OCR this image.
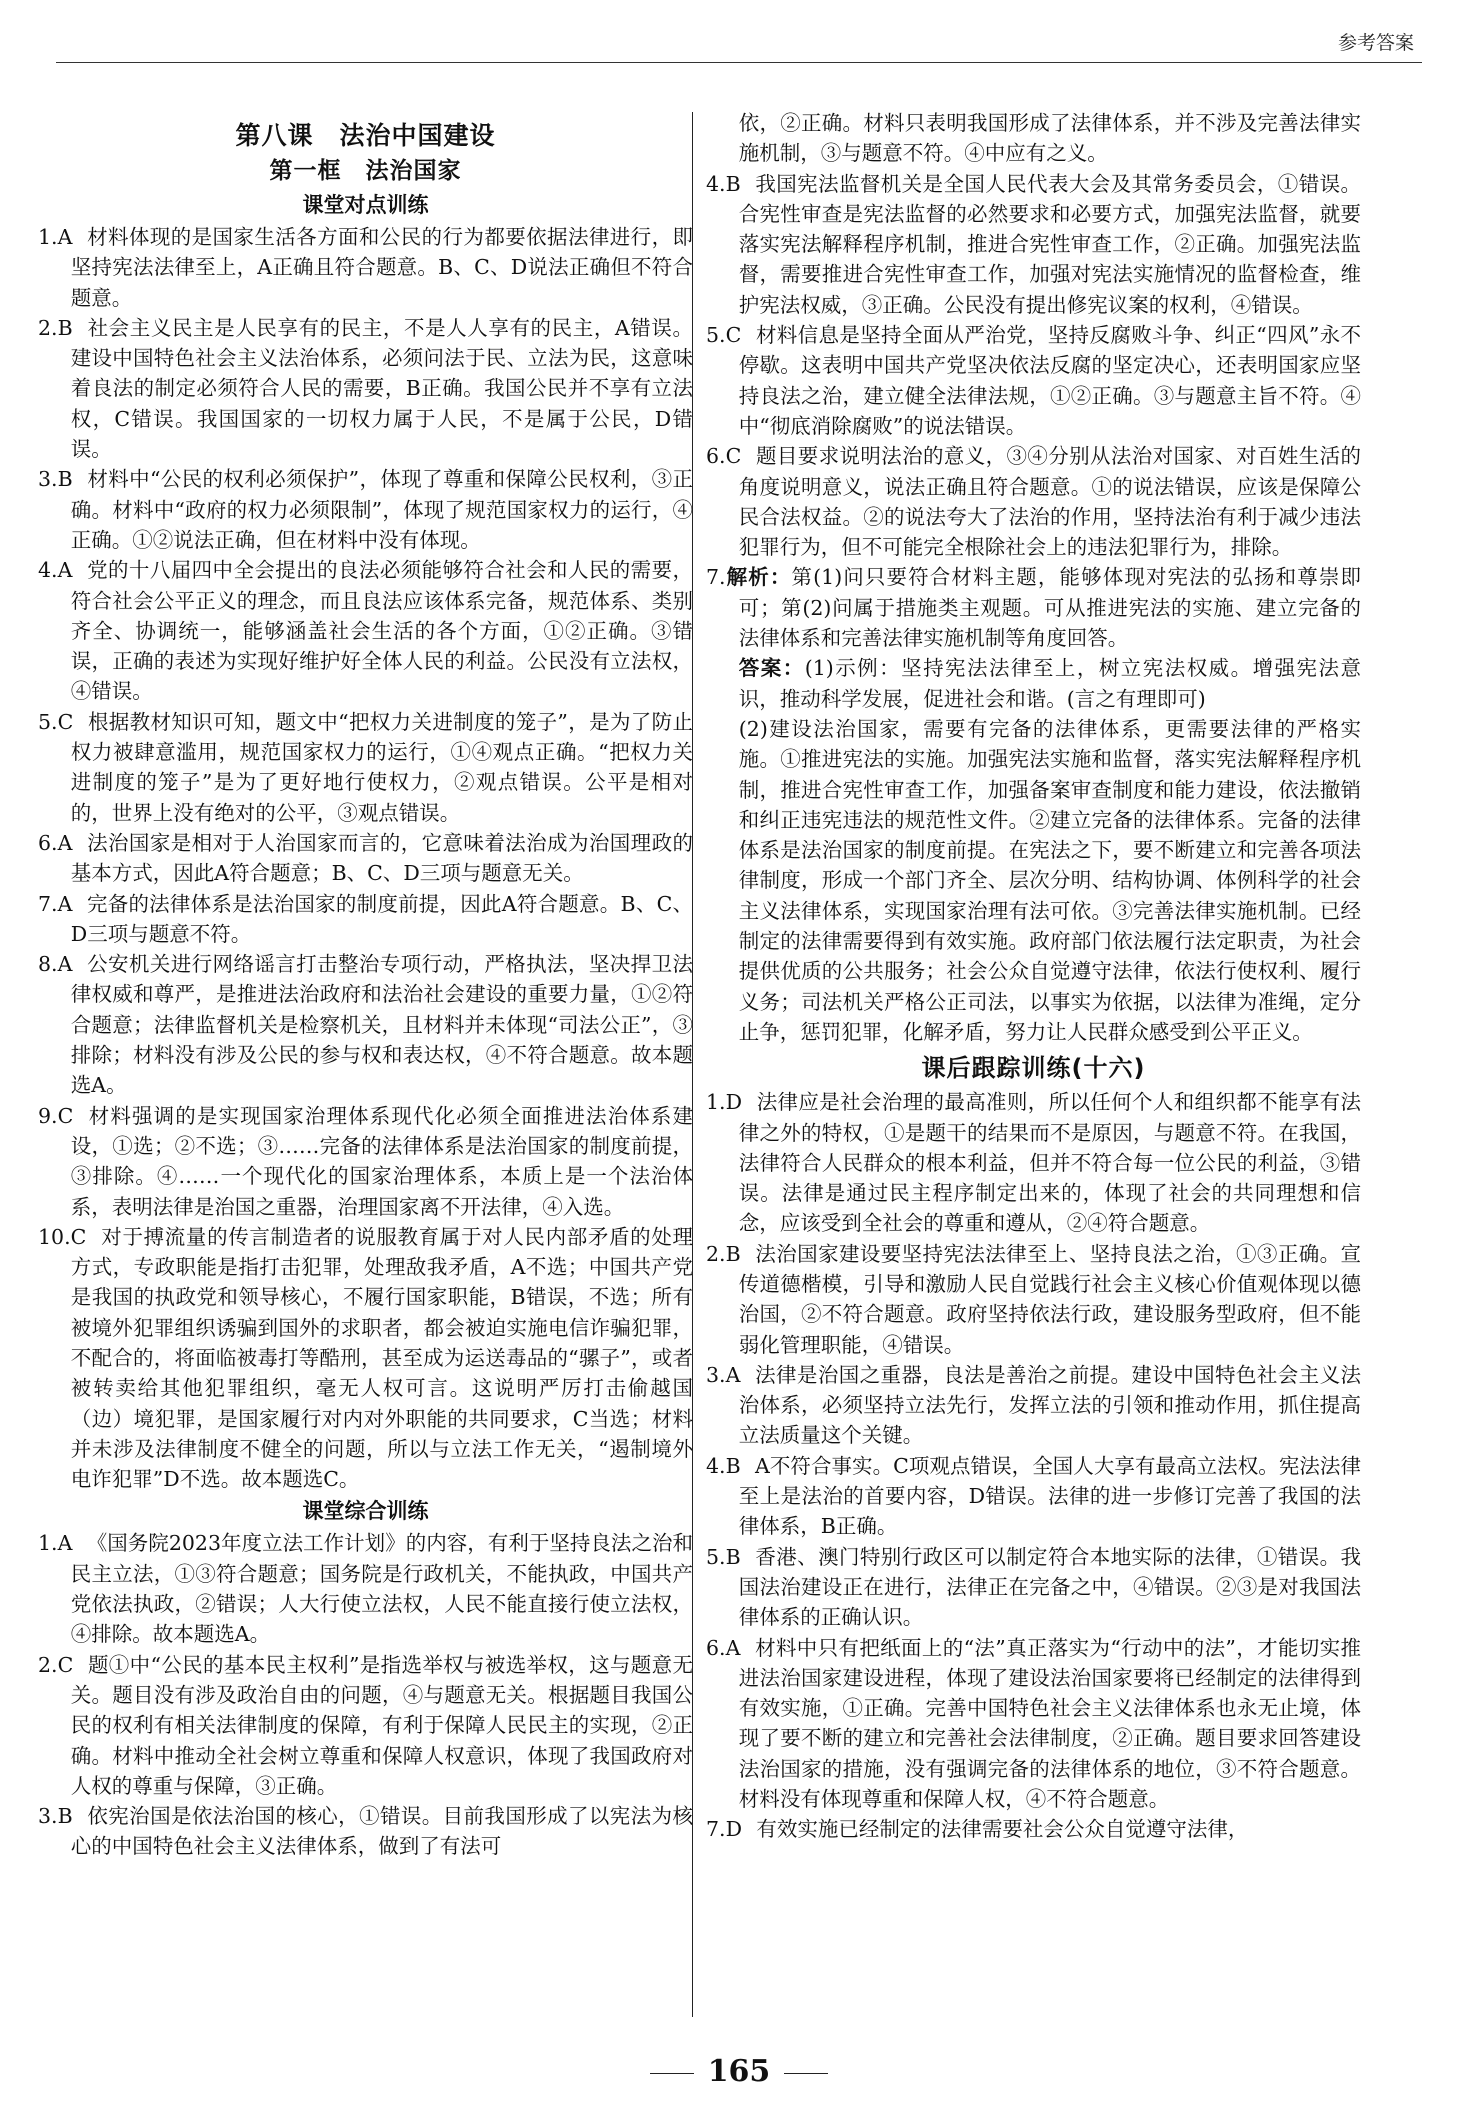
参考答案

第八课　法治中国建设

第一框　法治国家

课堂对点训练

1.A 材料体现的是国家生活各方面和公民的行为都要依据法律进行，即坚持宪法法律至上，A正确且符合题意。B、C、D说法正确但不符合题意。

2.B 社会主义民主是人民享有的民主，不是人人享有的民主，A错误。建设中国特色社会主义法治体系，必须问法于民、立法为民，这意味着良法的制定必须符合人民的需要，B正确。我国公民并不享有立法权，C错误。我国国家的一切权力属于人民，不是属于公民，D错误。

3.B 材料中“公民的权利必须保护”，体现了尊重和保障公民权利，③正确。材料中“政府的权力必须限制”，体现了规范国家权力的运行，④正确。①②说法正确，但在材料中没有体现。

4.A 党的十八届四中全会提出的良法必须能够符合社会和人民的需要，符合社会公平正义的理念，而且良法应该体系完备，规范体系、类别齐全、协调统一，能够涵盖社会生活的各个方面，①②正确。③错误，正确的表述为实现好维护好全体人民的利益。公民没有立法权，④错误。

5.C 根据教材知识可知，题文中“把权力关进制度的笼子”，是为了防止权力被肆意滥用，规范国家权力的运行，①④观点正确。“把权力关进制度的笼子”是为了更好地行使权力，②观点错误。公平是相对的，世界上没有绝对的公平，③观点错误。

6.A 法治国家是相对于人治国家而言的，它意味着法治成为治国理政的基本方式，因此A符合题意；B、C、D三项与题意无关。

7.A 完备的法律体系是法治国家的制度前提，因此A符合题意。B、C、D三项与题意不符。

8.A 公安机关进行网络谣言打击整治专项行动，严格执法，坚决捍卫法律权威和尊严，是推进法治政府和法治社会建设的重要力量，①②符合题意；法律监督机关是检察机关，且材料并未体现“司法公正”，③排除；材料没有涉及公民的参与权和表达权，④不符合题意。故本题选A。

9.C 材料强调的是实现国家治理体系现代化必须全面推进法治体系建设，①选；②不选；③……完备的法律体系是法治国家的制度前提，③排除。④……一个现代化的国家治理体系，本质上是一个法治体系，表明法律是治国之重器，治理国家离不开法律，④入选。

10.C 对于搏流量的传言制造者的说服教育属于对人民内部矛盾的处理方式，专政职能是指打击犯罪，处理敌我矛盾，A不选；中国共产党是我国的执政党和领导核心，不履行国家职能，B错误，不选；所有被境外犯罪组织诱骗到国外的求职者，都会被迫实施电信诈骗犯罪，不配合的，将面临被毒打等酷刑，甚至成为运送毒品的“骡子”，或者被转卖给其他犯罪组织，毫无人权可言。这说明严厉打击偷越国（边）境犯罪，是国家履行对内对外职能的共同要求，C当选；材料并未涉及法律制度不健全的问题，所以与立法工作无关，“遏制境外电诈犯罪”D不选。故本题选C。

课堂综合训练

1.A 《国务院2023年度立法工作计划》的内容，有利于坚持良法之治和民主立法，①③符合题意；国务院是行政机关，不能执政，中国共产党依法执政，②错误；人大行使立法权，人民不能直接行使立法权，④排除。故本题选A。

2.C 题①中“公民的基本民主权利”是指选举权与被选举权，这与题意无关。题目没有涉及政治自由的问题，④与题意无关。根据题目我国公民的权利有相关法律制度的保障，有利于保障人民民主的实现，②正确。材料中推动全社会树立尊重和保障人权意识，体现了我国政府对人权的尊重与保障，③正确。

3.B 依宪治国是依法治国的核心，①错误。目前我国形成了以宪法为核心的中国特色社会主义法律体系，做到了有法可

依，②正确。材料只表明我国形成了法律体系，并不涉及完善法律实施机制，③与题意不符。④中应有之义。

4.B 我国宪法监督机关是全国人民代表大会及其常务委员会，①错误。合宪性审查是宪法监督的必然要求和必要方式，加强宪法监督，就要落实宪法解释程序机制，推进合宪性审查工作，②正确。加强宪法监督，需要推进合宪性审查工作，加强对宪法实施情况的监督检查，维护宪法权威，③正确。公民没有提出修宪议案的权利，④错误。

5.C 材料信息是坚持全面从严治党，坚持反腐败斗争、纠正“四风”永不停歇。这表明中国共产党坚决依法反腐的坚定决心，还表明国家应坚持良法之治，建立健全法律法规，①②正确。③与题意主旨不符。④中“彻底消除腐败”的说法错误。

6.C 题目要求说明法治的意义，③④分别从法治对国家、对百姓生活的角度说明意义，说法正确且符合题意。①的说法错误，应该是保障公民合法权益。②的说法夸大了法治的作用，坚持法治有利于减少违法犯罪行为，但不可能完全根除社会上的违法犯罪行为，排除。

7.解析：第(1)问只要符合材料主题，能够体现对宪法的弘扬和尊崇即可；第(2)问属于措施类主观题。可从推进宪法的实施、建立完备的法律体系和完善法律实施机制等角度回答。

答案：(1)示例：坚持宪法法律至上，树立宪法权威。增强宪法意识，推动科学发展，促进社会和谐。(言之有理即可)

(2)建设法治国家，需要有完备的法律体系，更需要法律的严格实施。①推进宪法的实施。加强宪法实施和监督，落实宪法解释程序机制，推进合宪性审查工作，加强备案审查制度和能力建设，依法撤销和纠正违宪违法的规范性文件。②建立完备的法律体系。完备的法律体系是法治国家的制度前提。在宪法之下，要不断建立和完善各项法律制度，形成一个部门齐全、层次分明、结构协调、体例科学的社会主义法律体系，实现国家治理有法可依。③完善法律实施机制。已经制定的法律需要得到有效实施。政府部门依法履行法定职责，为社会提供优质的公共服务；社会公众自觉遵守法律，依法行使权利、履行义务；司法机关严格公正司法，以事实为依据，以法律为准绳，定分止争，惩罚犯罪，化解矛盾，努力让人民群众感受到公平正义。

课后跟踪训练(十六)

1.D 法律应是社会治理的最高准则，所以任何个人和组织都不能享有法律之外的特权，①是题干的结果而不是原因，与题意不符。在我国，法律符合人民群众的根本利益，但并不符合每一位公民的利益，③错误。法律是通过民主程序制定出来的，体现了社会的共同理想和信念，应该受到全社会的尊重和遵从，②④符合题意。

2.B 法治国家建设要坚持宪法法律至上、坚持良法之治，①③正确。宣传道德楷模，引导和激励人民自觉践行社会主义核心价值观体现以德治国，②不符合题意。政府坚持依法行政，建设服务型政府，但不能弱化管理职能，④错误。

3.A 法律是治国之重器，良法是善治之前提。建设中国特色社会主义法治体系，必须坚持立法先行，发挥立法的引领和推动作用，抓住提高立法质量这个关键。

4.B A不符合事实。C项观点错误，全国人大享有最高立法权。宪法法律至上是法治的首要内容，D错误。法律的进一步修订完善了我国的法律体系，B正确。

5.B 香港、澳门特别行政区可以制定符合本地实际的法律，①错误。我国法治建设正在进行，法律正在完备之中，④错误。②③是对我国法律体系的正确认识。

6.A 材料中只有把纸面上的“法”真正落实为“行动中的法”，才能切实推进法治国家建设进程，体现了建设法治国家要将已经制定的法律得到有效实施，①正确。完善中国特色社会主义法律体系也永无止境，体现了要不断的建立和完善社会法律制度，②正确。题目要求回答建设法治国家的措施，没有强调完备的法律体系的地位，③不符合题意。材料没有体现尊重和保障人权，④不符合题意。

7.D 有效实施已经制定的法律需要社会公众自觉遵守法律，

165
